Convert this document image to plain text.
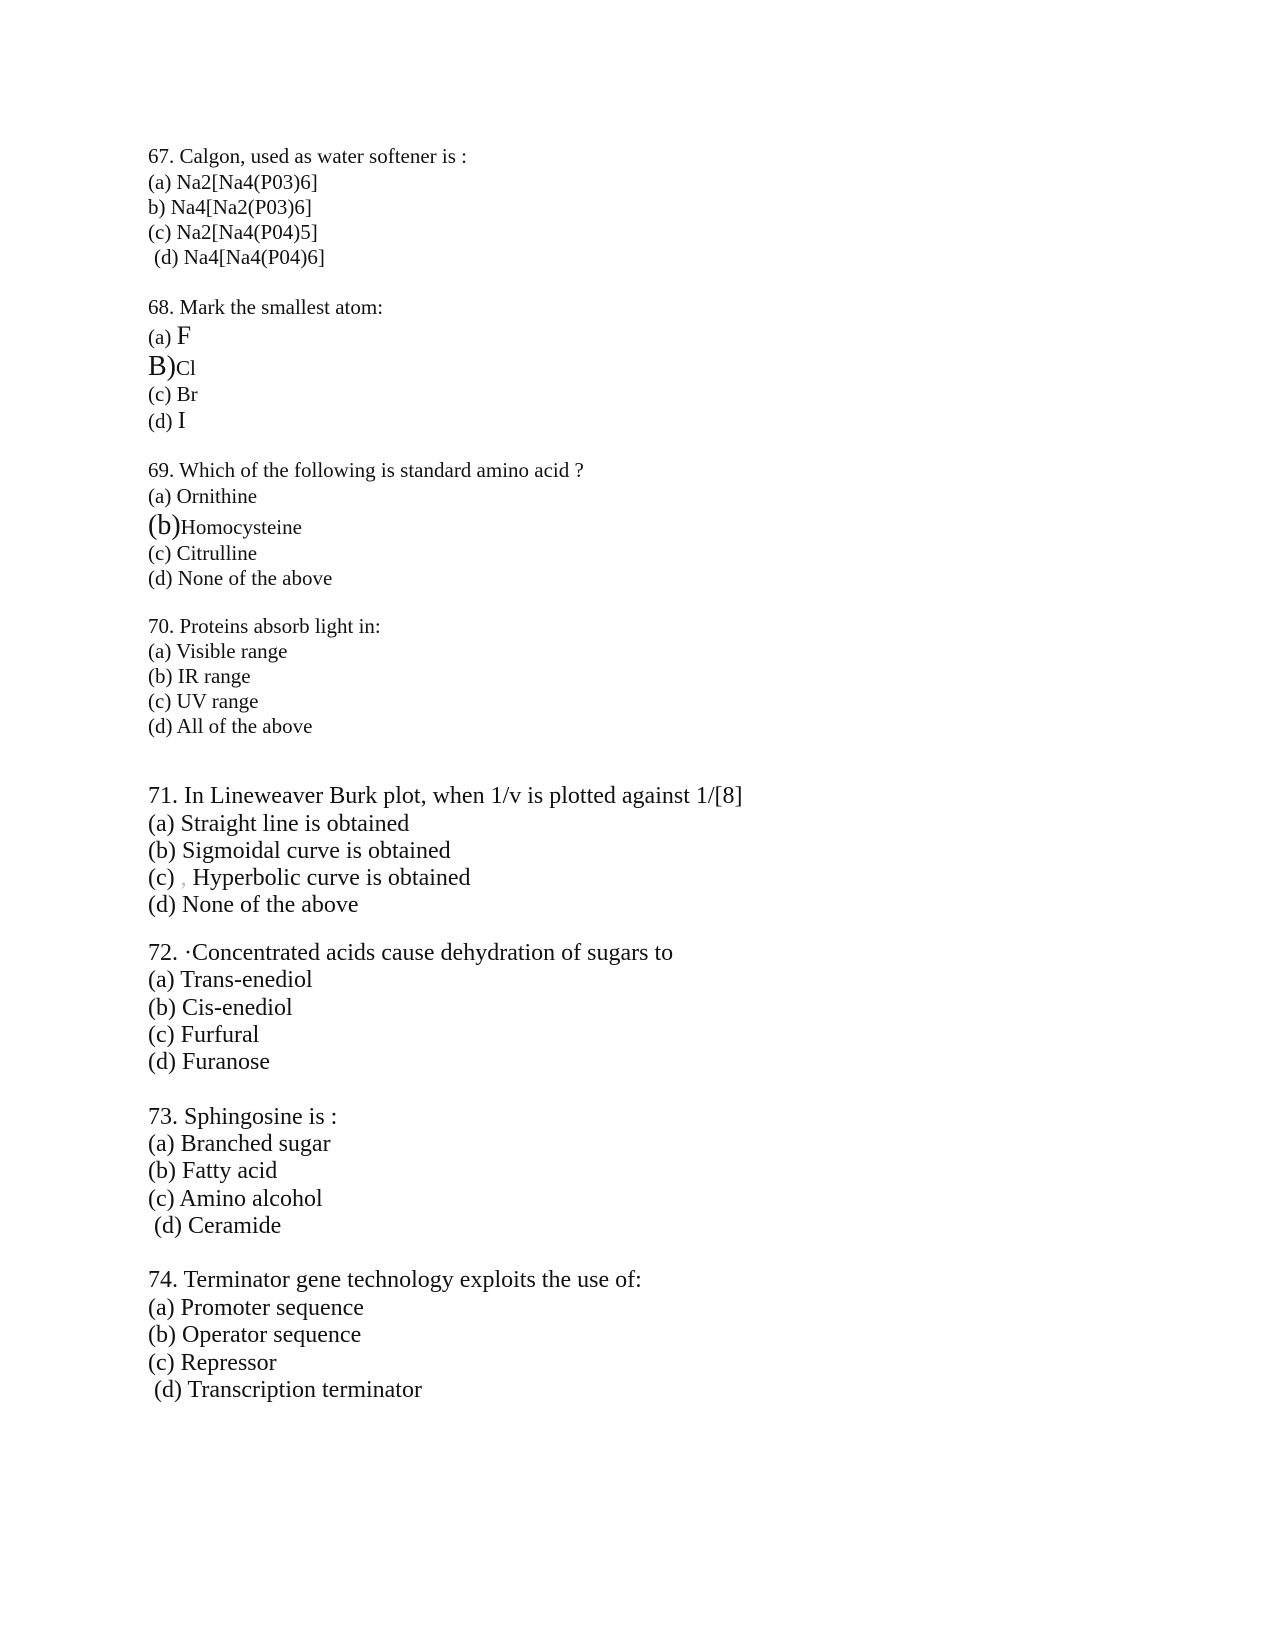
67. Calgon, used as water softener is :
(a) Na2[Na4(P03)6]
b) Na4[Na2(P03)6]
(c) Na2[Na4(P04)5]
(d) Na4[Na4(P04)6]
68. Mark the smallest atom:
(a) F
B)Cl
(c) Br
(d) I
69. Which of the following is standard amino acid ?
(a) Ornithine
(b)Homocysteine
(c) Citrulline
(d) None of the above
70. Proteins absorb light in:
(a) Visible range
(b) IR range
(c) UV range
(d) All of the above
71. In Lineweaver Burk plot, when 1/v is plotted against 1/[8]
(a) Straight line is obtained
(b) Sigmoidal curve is obtained
(c) , Hyperbolic curve is obtained
(d) None of the above
72. ·Concentrated acids cause dehydration of sugars to
(a) Trans-enediol
(b) Cis-enediol
(c) Furfural
(d) Furanose
73. Sphingosine is :
(a) Branched sugar
(b) Fatty acid
(c) Amino alcohol
(d) Ceramide
74. Terminator gene technology exploits the use of:
(a) Promoter sequence
(b) Operator sequence
(c) Repressor
(d) Transcription terminator
